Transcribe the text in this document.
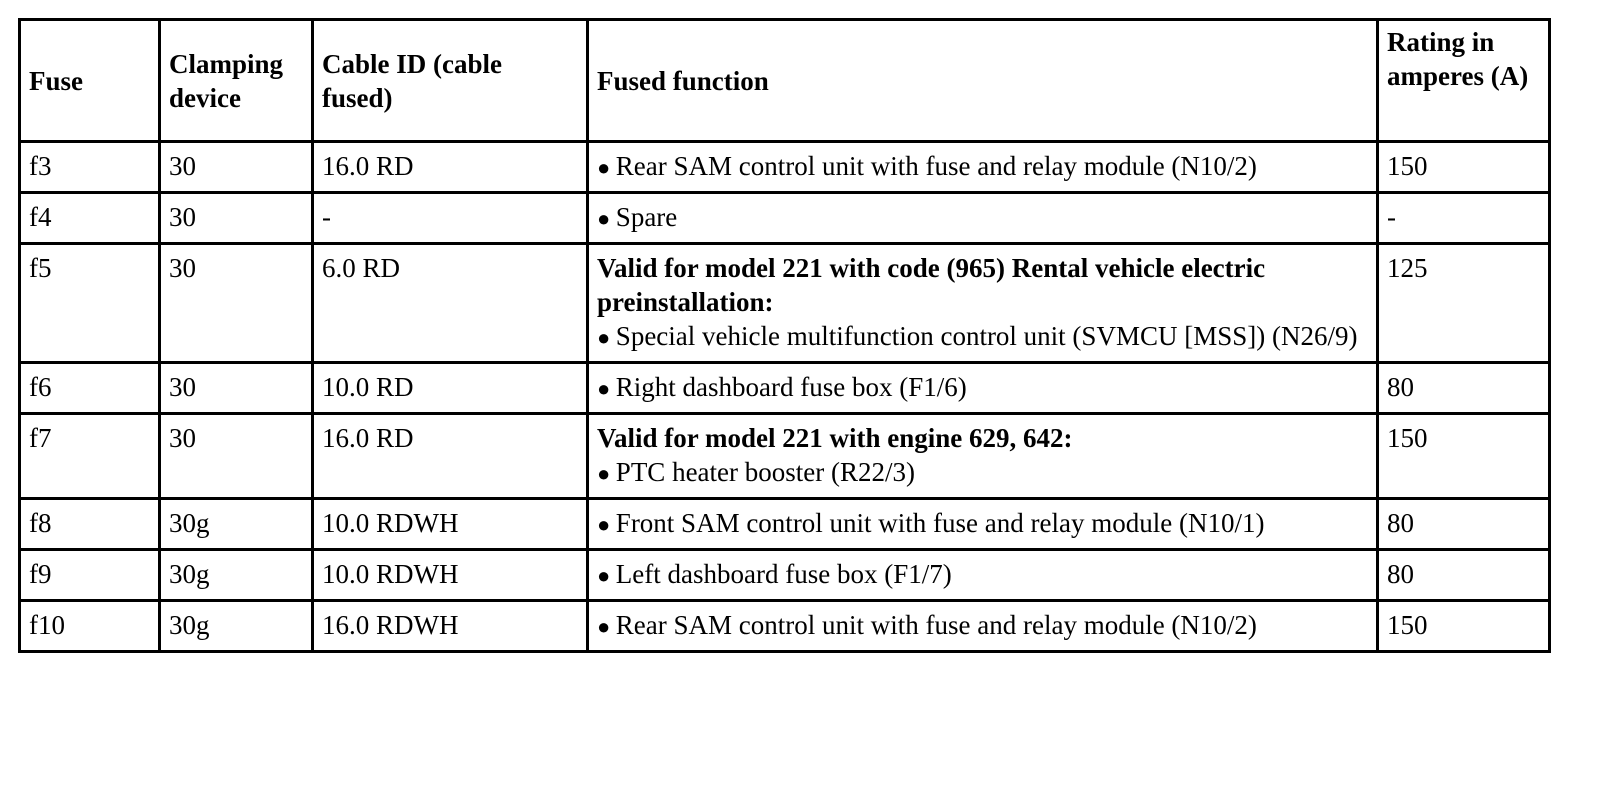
Fuse	Clamping device	Cable ID (cable fused)	Fused function	Rating in amperes (A)
f3	30	16.0 RD	● Rear SAM control unit with fuse and relay module (N10/2)	150
f4	30	-	● Spare	-
f5	30	6.0 RD	Valid for model 221 with code (965) Rental vehicle electric preinstallation:
● Special vehicle multifunction control unit (SVMCU [MSS]) (N26/9)	125
f6	30	10.0 RD	● Right dashboard fuse box (F1/6)	80
f7	30	16.0 RD	Valid for model 221 with engine 629, 642:
● PTC heater booster (R22/3)	150
f8	30g	10.0 RDWH	● Front SAM control unit with fuse and relay module (N10/1)	80
f9	30g	10.0 RDWH	● Left dashboard fuse box (F1/7)	80
f10	30g	16.0 RDWH	● Rear SAM control unit with fuse and relay module (N10/2)	150
